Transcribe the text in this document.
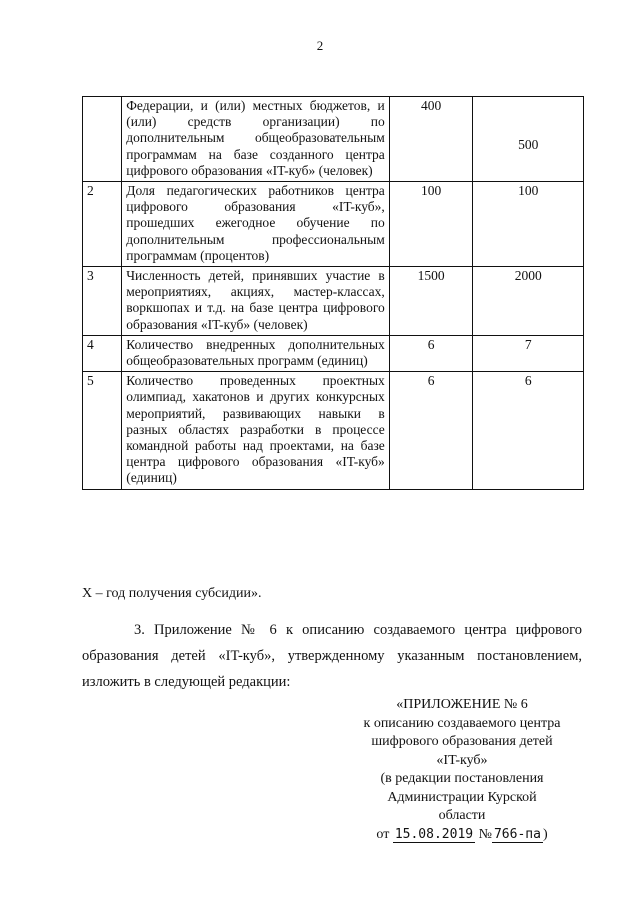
2
	Федерации, и (или) местных бюджетов, и (или) средств организации) по дополнительным общеобразовательным программам на базе созданного центра цифрового образования «IT-куб» (человек)	400	500
2	Доля педагогических работников центра цифрового образования «IT-куб», прошедших ежегодное обучение по дополнительным профессиональным программам (процентов)	100	100
3	Численность детей, принявших участие в мероприятиях, акциях, мастер-классах, воркшопах и т.д. на базе центра цифрового образования «IT-куб» (человек)	1500	2000
4	Количество внедренных дополнительных общеобразовательных программ (единиц)	6	7
5	Количество проведенных проектных олимпиад, хакатонов и других конкурсных мероприятий, развивающих навыки в разных областях разработки в процессе командной работы над проектами, на базе центра цифрового образования «IT-куб» (единиц)	6	6
X – год получения субсидии».
3. Приложение № 6 к описанию создаваемого центра цифрового образования детей «IT-куб», утвержденному указанным постановлением, изложить в следующей редакции:
«ПРИЛОЖЕНИЕ № 6
к описанию создаваемого центра
шифрового образования детей
«IT-куб»
(в редакции постановления
Администрации Курской
области
от 15.08.2019 № 766-па )
